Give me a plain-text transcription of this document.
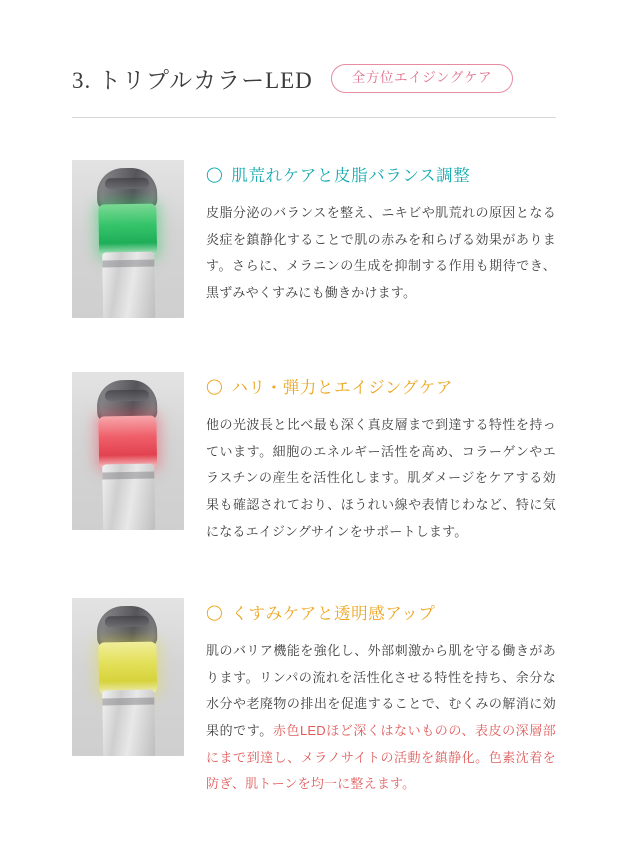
3. トリプルカラーLED	全方位エイジングケア
◯ 肌荒れケアと皮脂バランス調整
皮脂分泌のバランスを整え、ニキビや肌荒れの原因となる炎症を鎮静化することで肌の赤みを和らげる効果があります。さらに、メラニンの生成を抑制する作用も期待でき、黒ずみやくすみにも働きかけます。
◯ ハリ・弾力とエイジングケア
他の光波長と比べ最も深く真皮層まで到達する特性を持っています。細胞のエネルギー活性を高め、コラーゲンやエラスチンの産生を活性化します。肌ダメージをケアする効果も確認されており、ほうれい線や表情じわなど、特に気になるエイジングサインをサポートします。
◯ くすみケアと透明感アップ
肌のバリア機能を強化し、外部刺激から肌を守る働きがあります。リンパの流れを活性化させる特性を持ち、余分な水分や老廃物の排出を促進することで、むくみの解消に効果的です。赤色LEDほど深くはないものの、表皮の深層部にまで到達し、メラノサイトの活動を鎮静化。色素沈着を防ぎ、肌トーンを均一に整えます。
